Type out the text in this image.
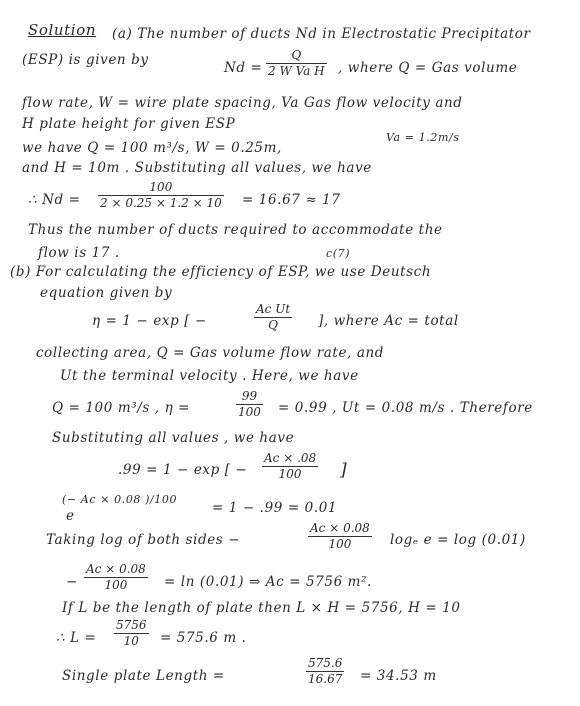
Solution (a) The number of ducts Nd in Electrostatic Precipitator
(ESP) is given by	$Nd = \frac{Q}{\text{2 W Va H}}$ , where Q = Gas volume
flow rate, W = wire plate spacing, Va Gas flow velocity and
H plate height for given ESP
we have Q = 100 m³/s, W = 0.25m,
Va = 1.2m/s
and H = 10m . Substituting all values, we have
∴ $Nd = \frac{100}{2 \times 0.25 \times 1.2 \times 10} = 16.67 \approx 17$
Thus the number of ducts required to accommodate the
flow is 17 .	c(7)
(b) For calculating the efficiency of ESP, we use Deutsch
equation given by
η = 1 − exp [ −	$\frac{\text{Ac Ut}}{Q}$ ], where Ac = total
collecting area, Q = Gas volume flow rate, and
Ut the terminal velocity . Here, we have
Q = 100 m³/s , η =	$\frac{99}{100} = 0.99$ , Ut = 0.08 m/s . Therefore
Substituting all values , we have
.99 = 1 − exp [ − $\frac{Ac \times .08}{100}$ ]
(− Ac × 0.08 )/100
e	= 1 − .99 = 0.01
Taking log of both sides −	$\frac{Ac \times 0.08}{100}$ logₑ e = log (0.01)
− $\frac{Ac \times 0.08}{100} = \ln (0.01)$ ⇒ Ac = 5756 m².
If L be the length of plate then L × H = 5756, H = 10
∴ $L = \frac{5756}{10} = 575.6$ m .
Single plate Length =	$\frac{575.6}{16.67} = 34.53$ m
